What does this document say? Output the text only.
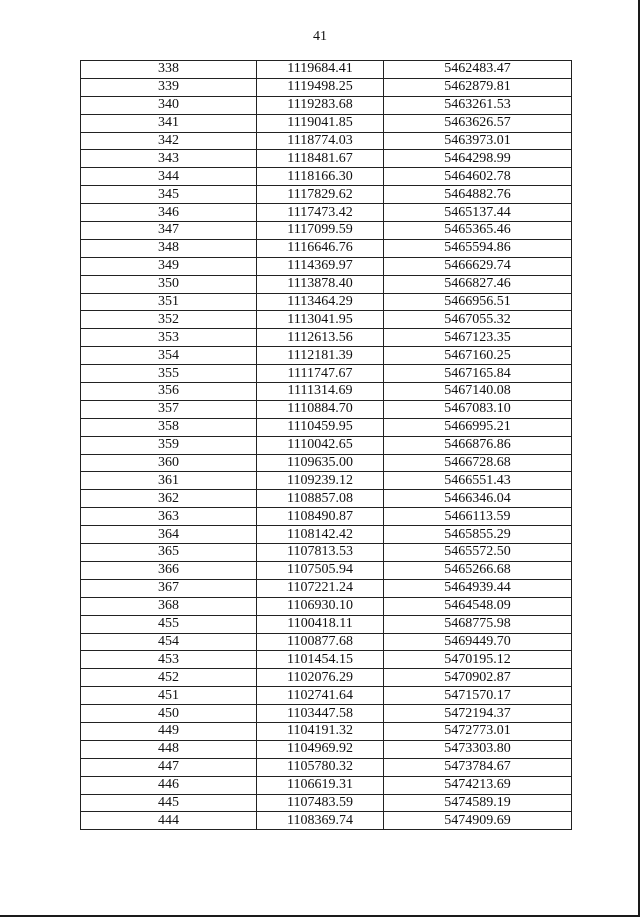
41
338	1119684.41	5462483.47
339	1119498.25	5462879.81
340	1119283.68	5463261.53
341	1119041.85	5463626.57
342	1118774.03	5463973.01
343	1118481.67	5464298.99
344	1118166.30	5464602.78
345	1117829.62	5464882.76
346	1117473.42	5465137.44
347	1117099.59	5465365.46
348	1116646.76	5465594.86
349	1114369.97	5466629.74
350	1113878.40	5466827.46
351	1113464.29	5466956.51
352	1113041.95	5467055.32
353	1112613.56	5467123.35
354	1112181.39	5467160.25
355	1111747.67	5467165.84
356	1111314.69	5467140.08
357	1110884.70	5467083.10
358	1110459.95	5466995.21
359	1110042.65	5466876.86
360	1109635.00	5466728.68
361	1109239.12	5466551.43
362	1108857.08	5466346.04
363	1108490.87	5466113.59
364	1108142.42	5465855.29
365	1107813.53	5465572.50
366	1107505.94	5465266.68
367	1107221.24	5464939.44
368	1106930.10	5464548.09
455	1100418.11	5468775.98
454	1100877.68	5469449.70
453	1101454.15	5470195.12
452	1102076.29	5470902.87
451	1102741.64	5471570.17
450	1103447.58	5472194.37
449	1104191.32	5472773.01
448	1104969.92	5473303.80
447	1105780.32	5473784.67
446	1106619.31	5474213.69
445	1107483.59	5474589.19
444	1108369.74	5474909.69
